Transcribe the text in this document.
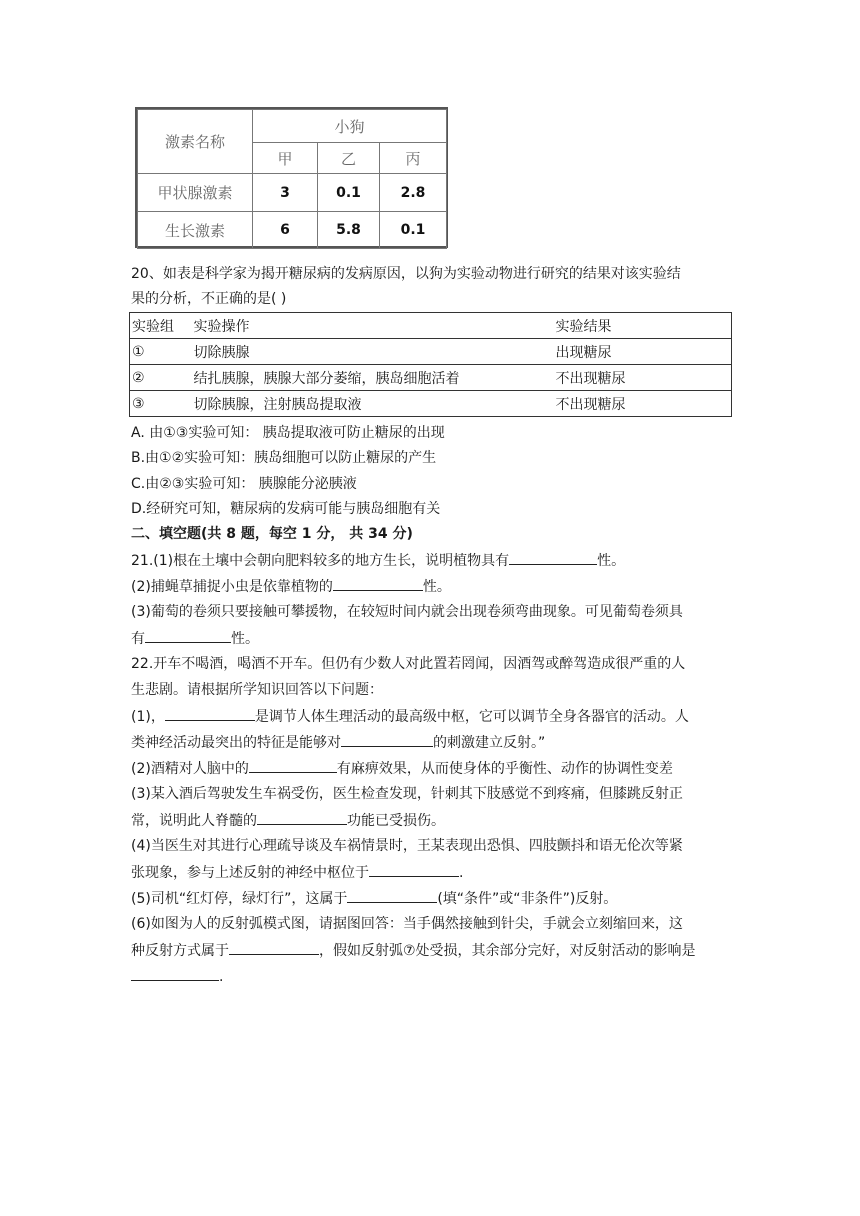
激素名称	小狗		
	甲	乙	丙
甲状腺激素	3	0.1	2.8
生长激素	6	5.8	0.1
20、如表是科学家为揭开糖尿病的发病原因，以狗为实验动物进行研究的结果对该实验结
果的分析，不正确的是( )
实验组	实验操作	实验结果
①	切除胰腺	出现糖尿
②	结扎胰腺，胰腺大部分萎缩，胰岛细胞活着	不出现糖尿
③	切除胰腺，注射胰岛提取液	不出现糖尿
A. 由①③实验可知： 胰岛提取液可防止糖尿的出现
B.由①②实验可知：胰岛细胞可以防止糖尿的产生
C.由②③实验可知： 胰腺能分泌胰液
D.经研究可知，糖尿病的发病可能与胰岛细胞有关
二、填空题(共 8 题，每空 1 分， 共 34 分)
21.(1)根在土壤中会朝向肥料较多的地方生长，说明植物具有	性。
(2)捕蝇草捕捉小虫是依靠植物的	性。
(3)葡萄的卷须只要接触可攀援物，在较短时间内就会出现卷须弯曲现象。可见葡萄卷须具
有	性。
22.开车不喝酒，喝酒不开车。但仍有少数人对此置若罔闻，因酒驾或醉驾造成很严重的人
生悲剧。请根据所学知识回答以下问题：
(1)，	是调节人体生理活动的最高级中枢，它可以调节全身各器官的活动。人
类神经活动最突出的特征是能够对	的刺激建立反射。”
(2)酒精对人脑中的	有麻痹效果，从而使身体的乎衡性、动作的协调性变差
(3)某入酒后驾驶发生车祸受伤，医生检查发现，针刺其下肢感觉不到疼痛，但膝跳反射正
常，说明此人脊髓的	功能已受损伤。
(4)当医生对其进行心理疏导谈及车祸情景时，王某表现出恐惧、四肢颤抖和语无伦次等紧
张现象，参与上述反射的神经中枢位于	.
(5)司机“红灯停，绿灯行”，这属于	(填“条件”或“非条件”)反射。
(6)如图为人的反射弧模式图，请据图回答：当手偶然接触到针尖，手就会立刻缩回来，这
种反射方式属于	，假如反射弧⑦处受损，其余部分完好，对反射活动的影响是
.
